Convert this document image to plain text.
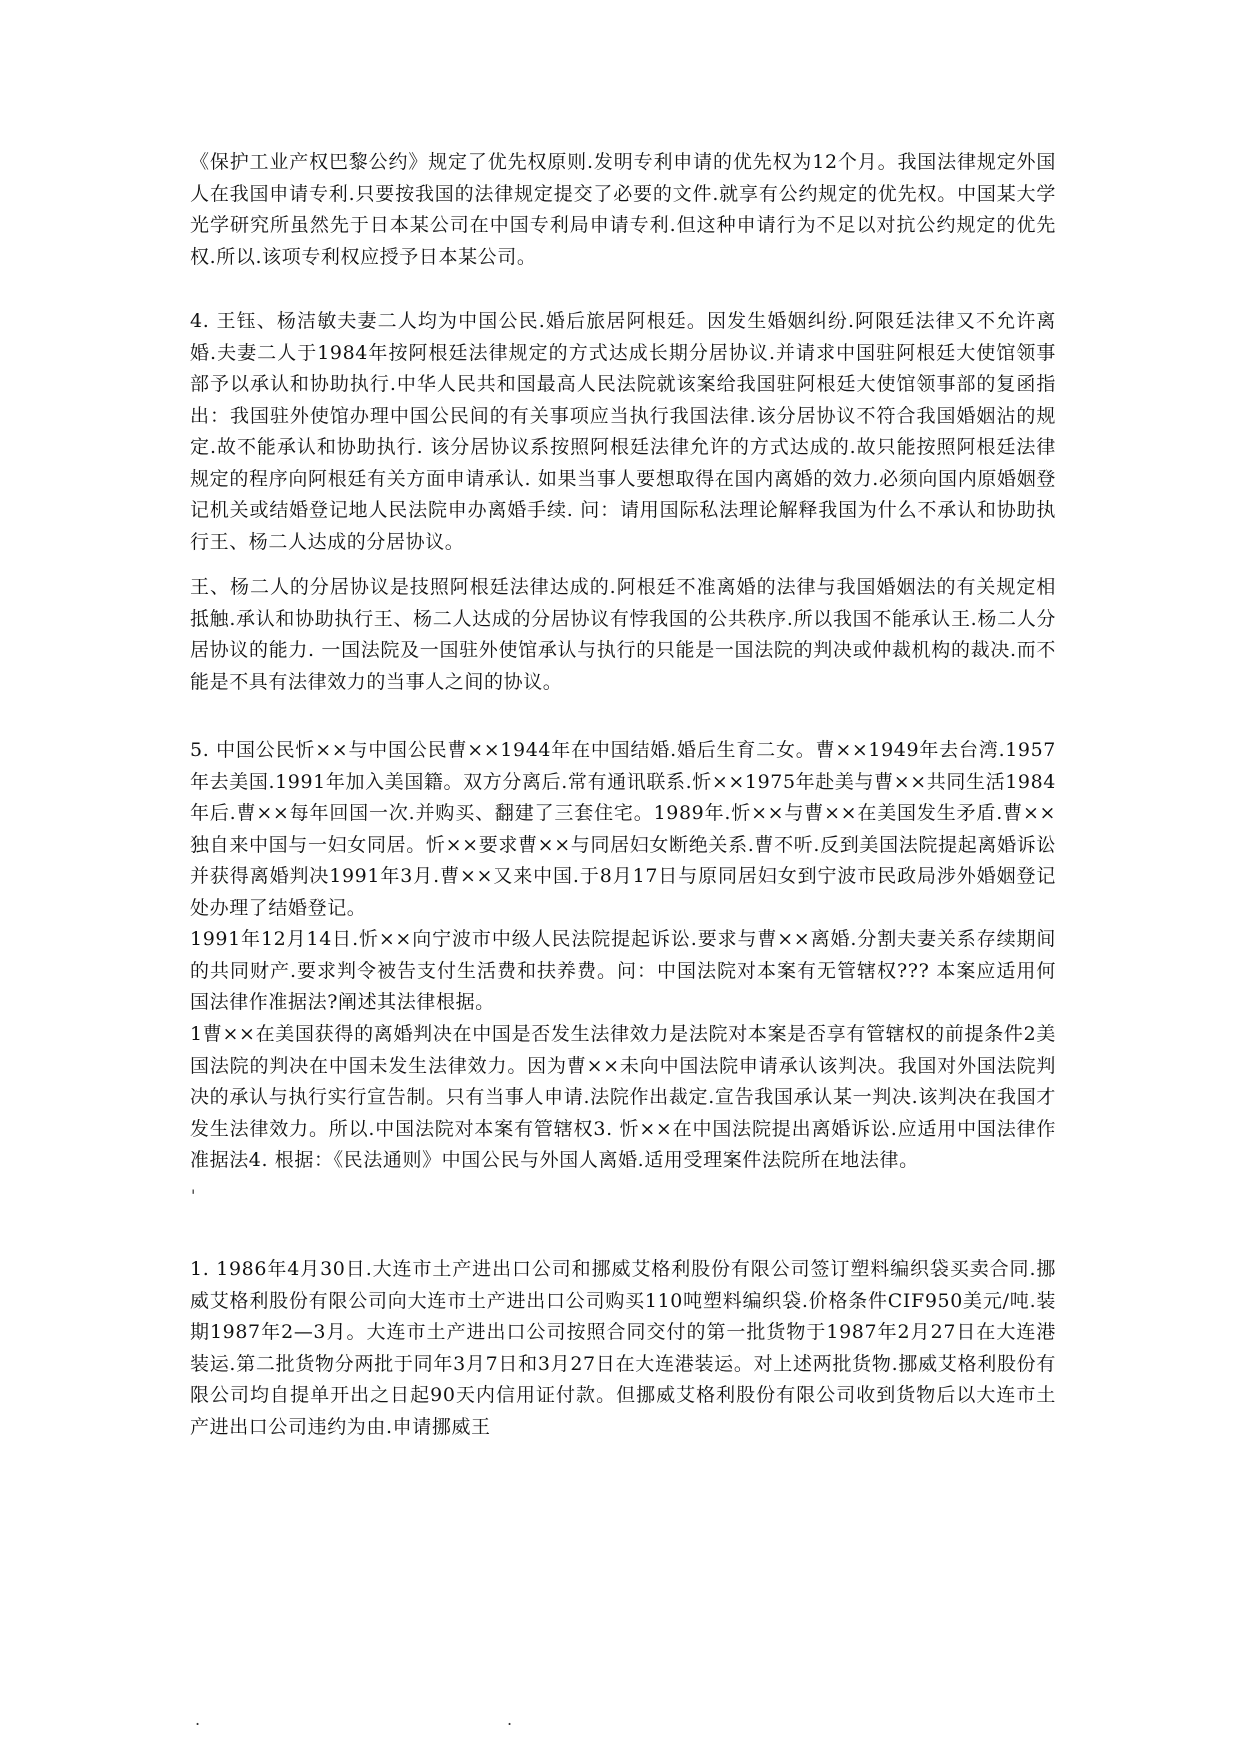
《保护工业产权巴黎公约》规定了优先权原则.发明专利申请的优先权为12个月。我国法律规定外国人在我国申请专利.只要按我国的法律规定提交了必要的文件.就享有公约规定的优先权。中国某大学光学研究所虽然先于日本某公司在中国专利局申请专利.但这种申请行为不足以对抗公约规定的优先权.所以.该项专利权应授予日本某公司。

4. 王钰、杨洁敏夫妻二人均为中国公民.婚后旅居阿根廷。因发生婚姻纠纷.阿限廷法律又不允许离婚.夫妻二人于1984年按阿根廷法律规定的方式达成长期分居协议.并请求中国驻阿根廷大使馆领事部予以承认和协助执行.中华人民共和国最高人民法院就该案给我国驻阿根廷大使馆领事部的复函指出：我国驻外使馆办理中国公民间的有关事项应当执行我国法律.该分居协议不符合我国婚姻沾的规定.故不能承认和协助执行. 该分居协议系按照阿根廷法律允许的方式达成的.故只能按照阿根廷法律规定的程序向阿根廷有关方面申请承认. 如果当事人要想取得在国内离婚的效力.必须向国内原婚姻登记机关或结婚登记地人民法院申办离婚手续. 问：请用国际私法理论解释我国为什么不承认和协助执行王、杨二人达成的分居协议。

王、杨二人的分居协议是技照阿根廷法律达成的.阿根廷不准离婚的法律与我国婚姻法的有关规定相抵触.承认和协助执行王、杨二人达成的分居协议有悖我国的公共秩序.所以我国不能承认王.杨二人分居协议的能力. 一国法院及一国驻外使馆承认与执行的只能是一国法院的判决或仲裁机构的裁决.而不能是不具有法律效力的当事人之间的协议。

5. 中国公民忻××与中国公民曹××1944年在中国结婚.婚后生育二女。曹××1949年去台湾.1957年去美国.1991年加入美国籍。双方分离后.常有通讯联系.忻××1975年赴美与曹××共同生活1984年后.曹××每年回国一次.并购买、翻建了三套住宅。1989年.忻××与曹××在美国发生矛盾.曹××独自来中国与一妇女同居。忻××要求曹××与同居妇女断绝关系.曹不听.反到美国法院提起离婚诉讼并获得离婚判决1991年3月.曹××又来中国.于8月17日与原同居妇女到宁波市民政局涉外婚姻登记处办理了结婚登记。

1991年12月14日.忻××向宁波市中级人民法院提起诉讼.要求与曹××离婚.分割夫妻关系存续期间的共同财产.要求判令被告支付生活费和扶养费。问：中国法院对本案有无管辖权??? 本案应适用何国法律作准据法?阐述其法律根据。

1曹××在美国获得的离婚判决在中国是否发生法律效力是法院对本案是否享有管辖权的前提条件2美国法院的判决在中国未发生法律效力。因为曹××未向中国法院申请承认该判决。我国对外国法院判决的承认与执行实行宣告制。只有当事人申请.法院作出裁定.宣告我国承认某一判决.该判决在我国才发生法律效力。所以.中国法院对本案有管辖权3. 忻××在中国法院提出离婚诉讼.应适用中国法律作准据法4. 根据：《民法通则》中国公民与外国人离婚.适用受理案件法院所在地法律。

'

1. 1986年4月30日.大连市土产进出口公司和挪威艾格利股份有限公司签订塑料编织袋买卖合同.挪威艾格利股份有限公司向大连市土产进出口公司购买110吨塑料编织袋.价格条件CIF950美元/吨.装期1987年2—3月。大连市土产进出口公司按照合同交付的第一批货物于1987年2月27日在大连港装运.第二批货物分两批于同年3月7日和3月27日在大连港装运。对上述两批货物.挪威艾格利股份有限公司均自提单开出之日起90天内信用证付款。但挪威艾格利股份有限公司收到货物后以大连市土产进出口公司违约为由.申请挪威王

.	.
